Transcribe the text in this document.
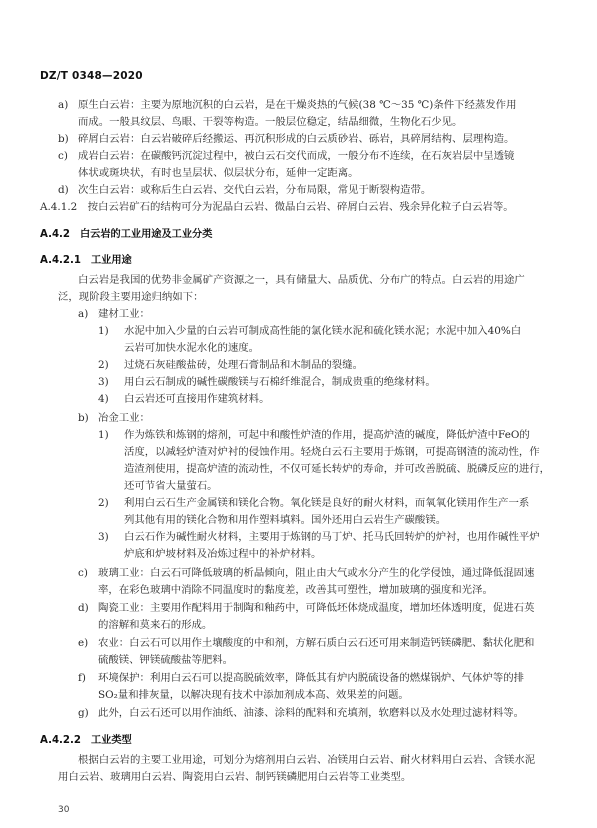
DZ/T 0348—2020
a) 原生白云岩：主要为原地沉积的白云岩，是在干燥炎热的气候(38 ℃～35 ℃)条件下经蒸发作用
而成。一般具纹层、鸟眼、干裂等构造。一般层位稳定，结晶细微，生物化石少见。
b) 碎屑白云岩：白云岩破碎后经搬运、再沉积形成的白云质砂岩、砾岩，具碎屑结构、层理构造。
c) 成岩白云岩：在碳酸钙沉淀过程中，被白云石交代而成，一般分布不连续，在石灰岩层中呈透镜
体状或斑块状，有时也呈层状、似层状分布，延伸一定距离。
d) 次生白云岩：或称后生白云岩、交代白云岩，分布局限，常见于断裂构造带。
A.4.1.2　按白云岩矿石的结构可分为泥晶白云岩、微晶白云岩、碎屑白云岩、残余异化粒子白云岩等。
A.4.2 白云岩的工业用途及工业分类
A.4.2.1 工业用途
白云岩是我国的优势非金属矿产资源之一，具有储量大、品质优、分布广的特点。白云岩的用途广
泛，现阶段主要用途归纳如下：
a) 建材工业：
1) 水泥中加入少量的白云岩可制成高性能的氯化镁水泥和硫化镁水泥；水泥中加入40%白
云岩可加快水泥水化的速度。
2) 过烧石灰硅酸盐砖，处理石膏制品和木制品的裂缝。
3) 用白云石制成的碱性碳酸镁与石棉纤维混合，制成贵重的绝缘材料。
4) 白云岩还可直接用作建筑材料。
b) 冶金工业：
1) 作为炼铁和炼钢的熔剂，可起中和酸性炉渣的作用，提高炉渣的碱度，降低炉渣中FeO的
活度，以减轻炉渣对炉衬的侵蚀作用。轻烧白云石主要用于炼钢，可提高钢渣的流动性，作
造渣剂使用，提高炉渣的流动性，不仅可延长转炉的寿命，并可改善脱硫、脱磷反应的进行，
还可节省大量萤石。
2) 利用白云石生产金属镁和镁化合物。氧化镁是良好的耐火材料，而氧氧化镁用作生产一系
列其他有用的镁化合物和用作塑料填料。国外还用白云岩生产碳酸镁。
3) 白云石作为碱性耐火材料，主要用于炼钢的马丁炉、托马氏回转炉的炉衬，也用作碱性平炉
炉底和炉坡材料及冶炼过程中的补炉材料。
c) 玻璃工业：白云石可降低玻璃的析晶倾向，阻止由大气或水分产生的化学侵蚀，通过降低混固速
率，在彩色玻璃中消除不同温度时的黏度差，改善其可塑性，增加玻璃的强度和光泽。
d) 陶瓷工业：主要用作配料用于制陶和釉药中，可降低坯体烧成温度，增加坯体透明度，促进石英
的溶解和莫来石的形成。
e) 农业：白云石可以用作土壤酸度的中和剂，方解石质白云石还可用来制造钙镁磷肥、黏状化肥和
硫酸镁、钾镁硫酸盐等肥料。
f) 环境保护：利用白云石可以提高脱硫效率，降低其有炉内脱硫设备的燃煤锅炉、气体炉等的排
SO₂量和排灰量，以解决现有技术中添加剂成本高、效果差的问题。
g) 此外，白云石还可以用作油纸、油漆、涂料的配料和充填剂，软磨料以及水处理过滤材料等。
A.4.2.2 工业类型
根据白云岩的主要工业用途，可划分为熔剂用白云岩、冶镁用白云岩、耐火材料用白云岩、含镁水泥
用白云岩、玻璃用白云岩、陶瓷用白云岩、制钙镁磷肥用白云岩等工业类型。
30
